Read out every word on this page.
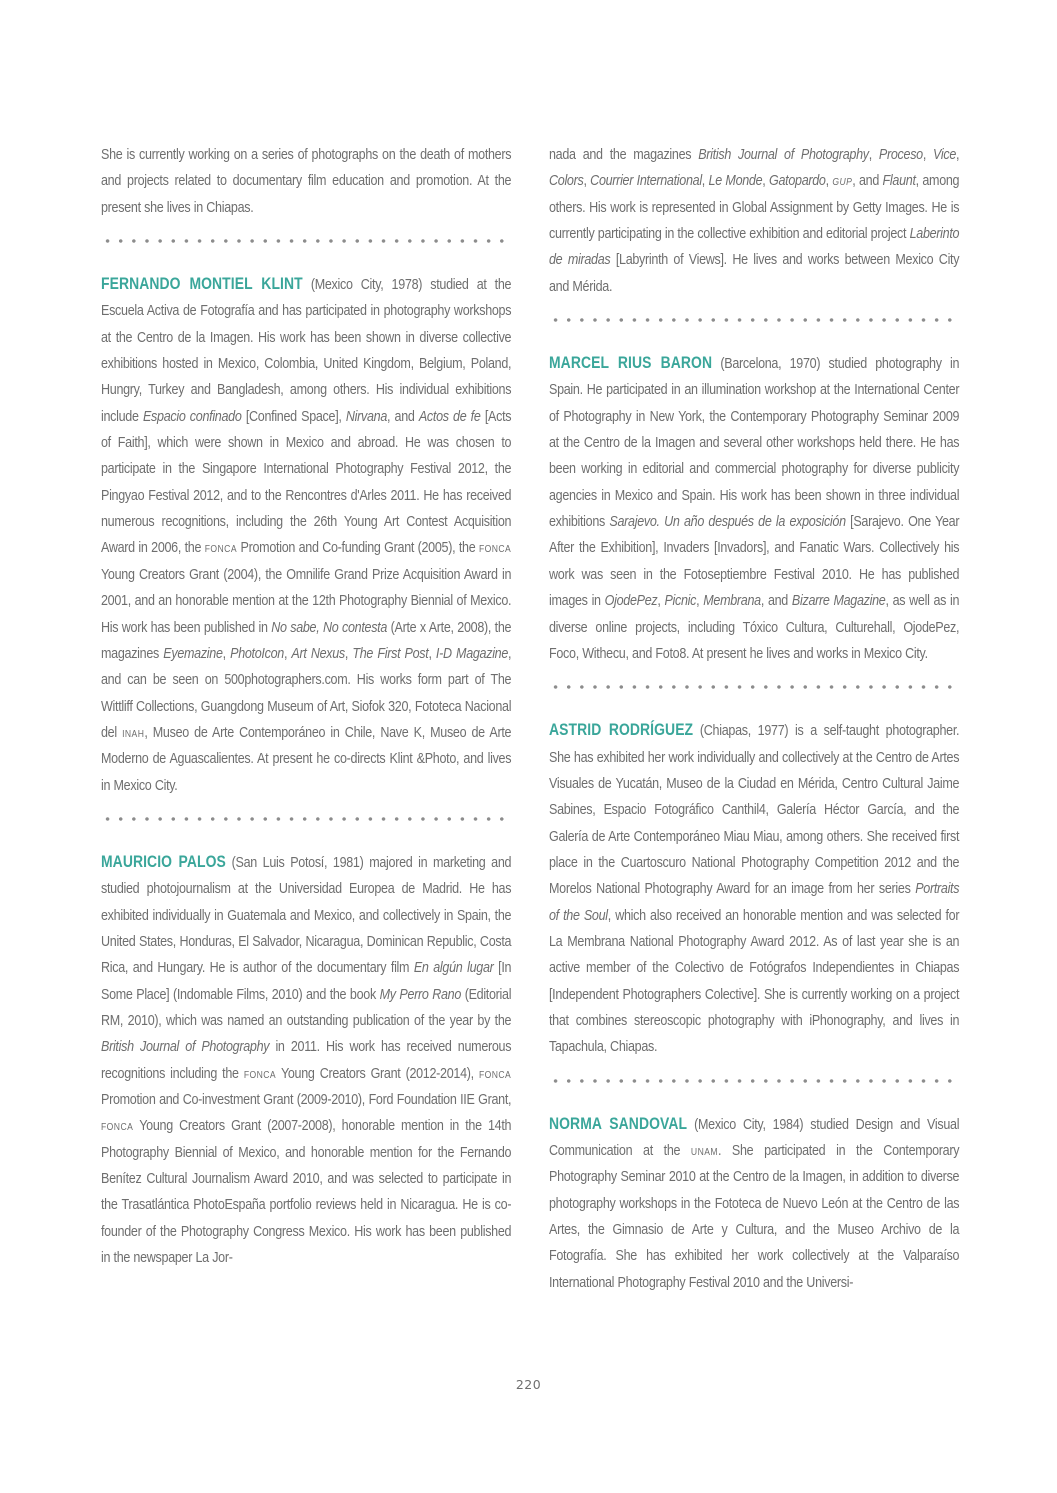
She is currently working on a series of photographs on the death of mothers and projects related to documentary film education and promotion. At the present she lives in Chiapas.

FERNANDO MONTIEL KLINT (Mexico City, 1978) studied at the Escuela Activa de Fotografía and has participated in photography workshops at the Centro de la Imagen. His work has been shown in diverse collective exhibitions hosted in Mexico, Colombia, United Kingdom, Belgium, Poland, Hungry, Turkey and Bangladesh, among others. His individual exhibitions include Espacio confinado [Confined Space], Nirvana, and Actos de fe [Acts of Faith], which were shown in Mexico and abroad. He was chosen to participate in the Singapore International Photography Festival 2012, the Pingyao Festival 2012, and to the Rencontres d'Arles 2011. He has received numerous recognitions, including the 26th Young Art Contest Acquisition Award in 2006, the fonca Promotion and Co-funding Grant (2005), the fonca Young Creators Grant (2004), the Omnilife Grand Prize Acquisition Award in 2001, and an honorable mention at the 12th Photography Biennial of Mexico. His work has been published in No sabe, No contesta (Arte x Arte, 2008), the magazines Eyemazine, PhotoIcon, Art Nexus, The First Post, I-D Magazine, and can be seen on 500photographers.com. His works form part of The Wittliff Collections, Guangdong Museum of Art, Siofok 320, Fototeca Nacional del inah, Museo de Arte Contemporáneo in Chile, Nave K, Museo de Arte Moderno de Aguascalientes. At present he co-directs Klint &Photo, and lives in Mexico City.

MAURICIO PALOS (San Luis Potosí, 1981) majored in marketing and studied photojournalism at the Universidad Europea de Madrid. He has exhibited individually in Guatemala and Mexico, and collectively in Spain, the United States, Honduras, El Salvador, Nicaragua, Dominican Republic, Costa Rica, and Hungary. He is author of the documentary film En algún lugar [In Some Place] (Indomable Films, 2010) and the book My Perro Rano (Editorial RM, 2010), which was named an outstanding publication of the year by the British Journal of Photography in 2011. His work has received numerous recognitions including the fonca Young Creators Grant (2012-2014), fonca Promotion and Co-investment Grant (2009-2010), Ford Foundation IIE Grant, fonca Young Creators Grant (2007-2008), honorable mention in the 14th Photography Biennial of Mexico, and honorable mention for the Fernando Benítez Cultural Journalism Award 2010, and was selected to participate in the Trasatlántica PhotoEspaña portfolio reviews held in Nicaragua. He is co-founder of the Photography Congress Mexico. His work has been published in the newspaper La Jor-

nada and the magazines British Journal of Photography, Proceso, Vice, Colors, Courrier International, Le Monde, Gatopardo, gup, and Flaunt, among others. His work is represented in Global Assignment by Getty Images. He is currently participating in the collective exhibition and editorial project Laberinto de miradas [Labyrinth of Views]. He lives and works between Mexico City and Mérida.

MARCEL RIUS BARON (Barcelona, 1970) studied photography in Spain. He participated in an illumination workshop at the International Center of Photography in New York, the Contemporary Photography Seminar 2009 at the Centro de la Imagen and several other workshops held there. He has been working in editorial and commercial photography for diverse publicity agencies in Mexico and Spain. His work has been shown in three individual exhibitions Sarajevo. Un año después de la exposición [Sarajevo. One Year After the Exhibition], Invaders [Invadors], and Fanatic Wars. Collectively his work was seen in the Fotoseptiembre Festival 2010. He has published images in OjodePez, Picnic, Membrana, and Bizarre Magazine, as well as in diverse online projects, including Tóxico Cultura, Culturehall, OjodePez, Foco, Withecu, and Foto8. At present he lives and works in Mexico City.

ASTRID RODRÍGUEZ (Chiapas, 1977) is a self-taught photographer. She has exhibited her work individually and collectively at the Centro de Artes Visuales de Yucatán, Museo de la Ciudad en Mérida, Centro Cultural Jaime Sabines, Espacio Fotográfico Canthil4, Galería Héctor García, and the Galería de Arte Contemporáneo Miau Miau, among others. She received first place in the Cuartoscuro National Photography Competition 2012 and the Morelos National Photography Award for an image from her series Portraits of the Soul, which also received an honorable mention and was selected for La Membrana National Photography Award 2012. As of last year she is an active member of the Colectivo de Fotógrafos Independientes in Chiapas [Independent Photographers Colective]. She is currently working on a project that combines stereoscopic photography with iPhonography, and lives in Tapachula, Chiapas.

NORMA SANDOVAL (Mexico City, 1984) studied Design and Visual Communication at the unam. She participated in the Contemporary Photography Seminar 2010 at the Centro de la Imagen, in addition to diverse photography workshops in the Fototeca de Nuevo León at the Centro de las Artes, the Gimnasio de Arte y Cultura, and the Museo Archivo de la Fotografía. She has exhibited her work collectively at the Valparaíso International Photography Festival 2010 and the Universi-

220
